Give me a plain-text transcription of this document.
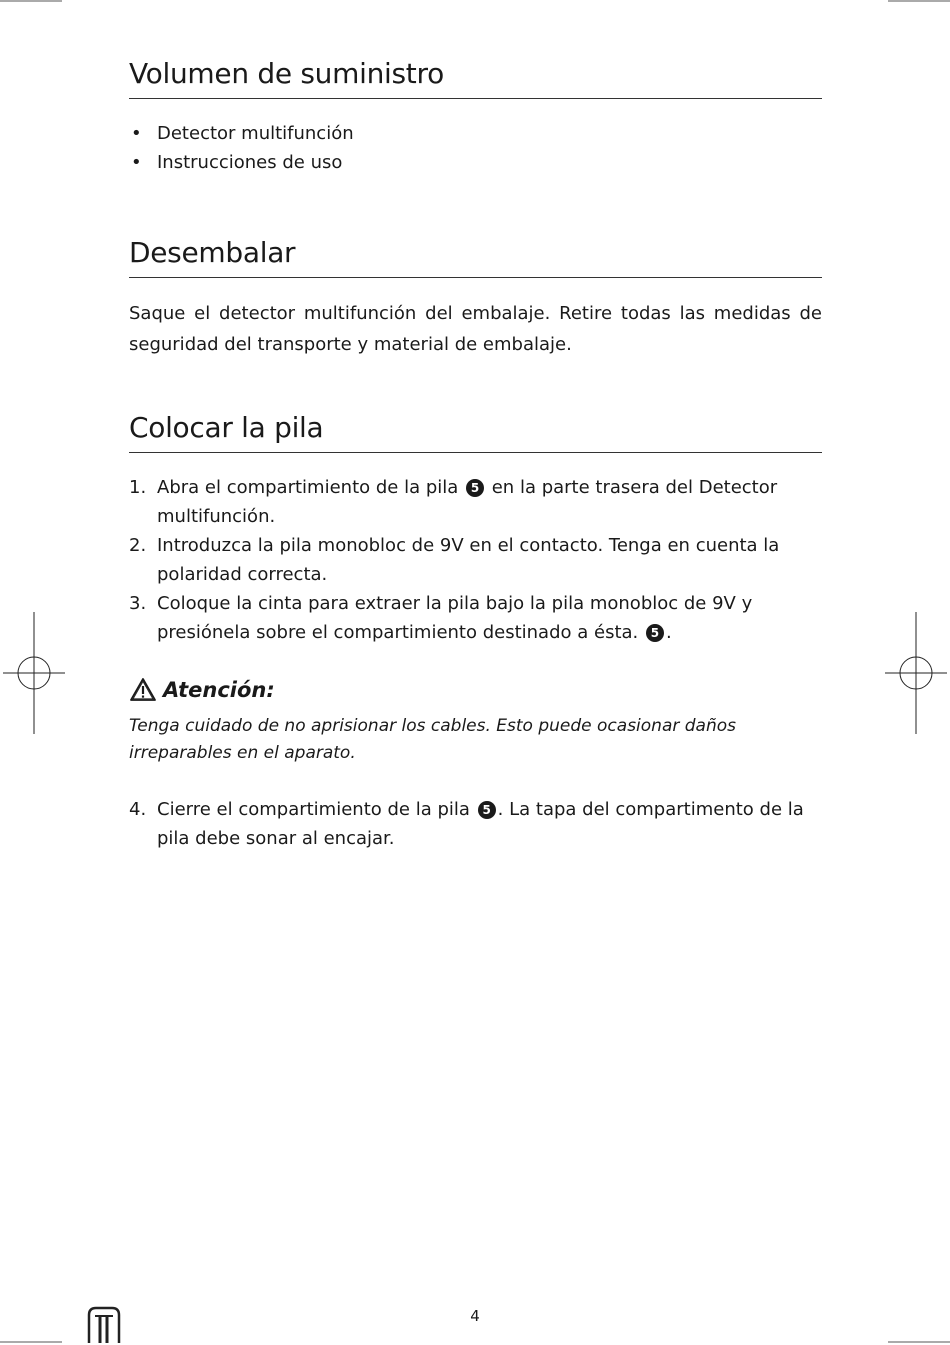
Volumen de suministro
• Detector multifunción
• Instrucciones de uso
Desembalar

Saque el detector multifunción del embalaje. Retire todas las medidas de seguridad del transporte y material de embalaje.

Colocar la pila
1. Abra el compartimiento de la pila 5 en la parte trasera del Detector multifunción.
2. Introduzca la pila monobloc de 9V en el contacto. Tenga en cuenta la polaridad correcta.
3. Coloque la cinta para extraer la pila bajo la pila monobloc de 9V y presiónela sobre el compartimiento destinado a ésta. 5 .
Atención:

Tenga cuidado de no aprisionar los cables. Esto puede ocasionar daños irreparables en el aparato.

4. Cierre el compartimiento de la pila 5 . La tapa del compartimento de la pila debe sonar al encajar.
4
